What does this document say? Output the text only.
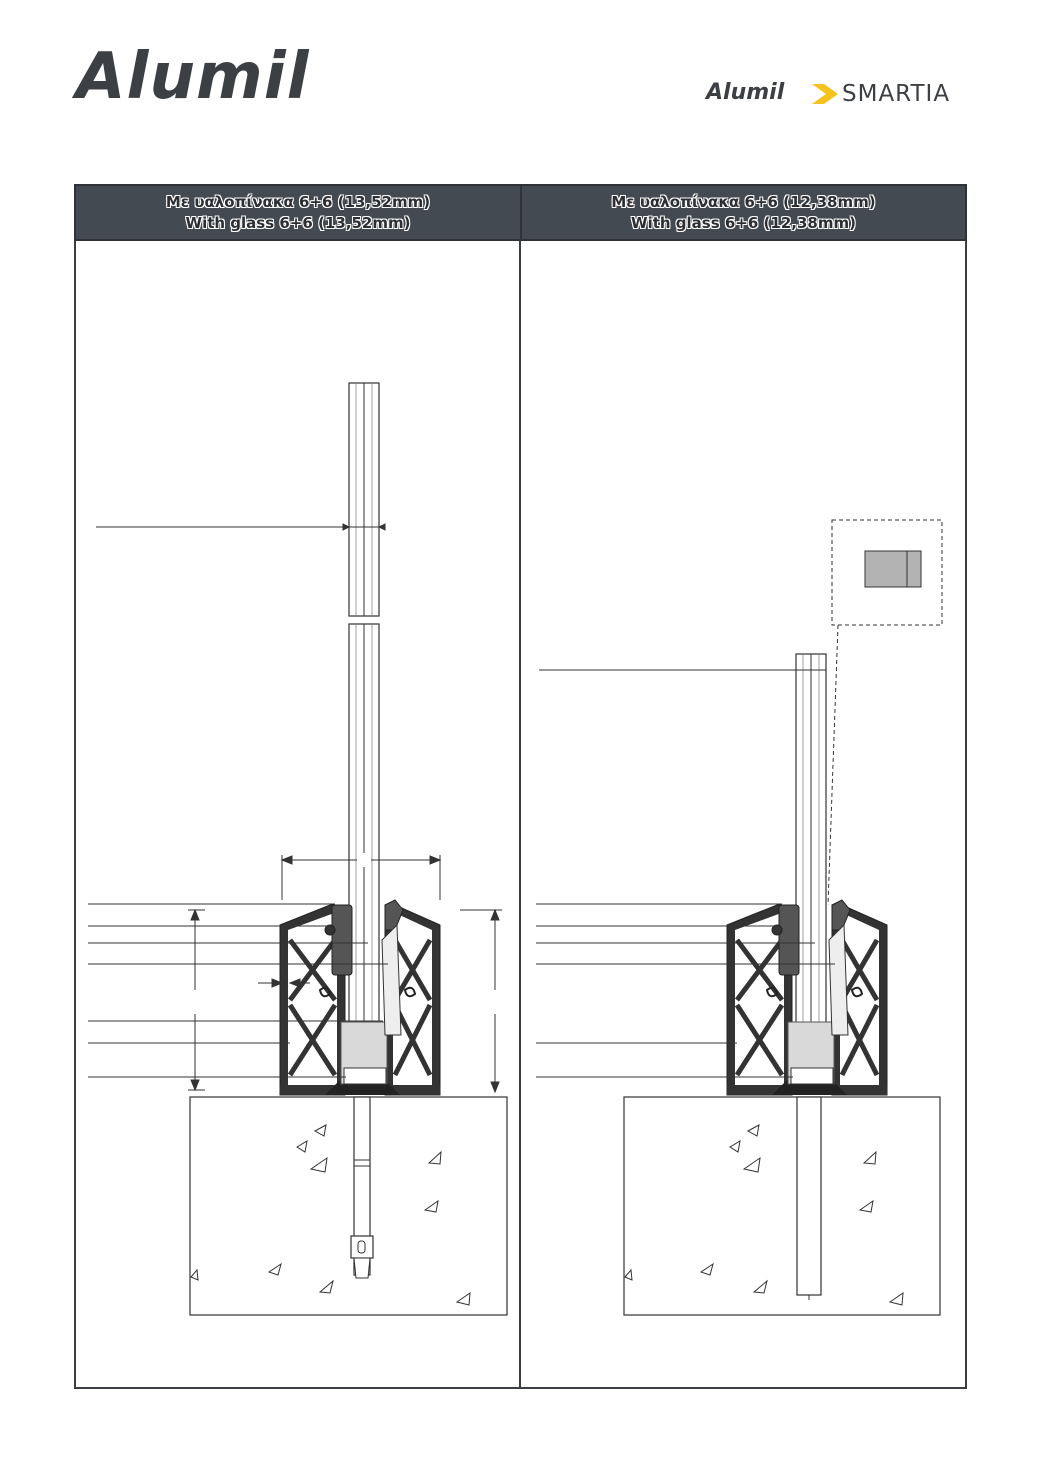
Alumil	Alumil	SMARTIA
Με υαλοπίνακα 6+6 (13,52mm)
With glass 6+6 (13,52mm)
Με υαλοπίνακα 6+6 (12,38mm)
With glass 6+6 (12,38mm)
